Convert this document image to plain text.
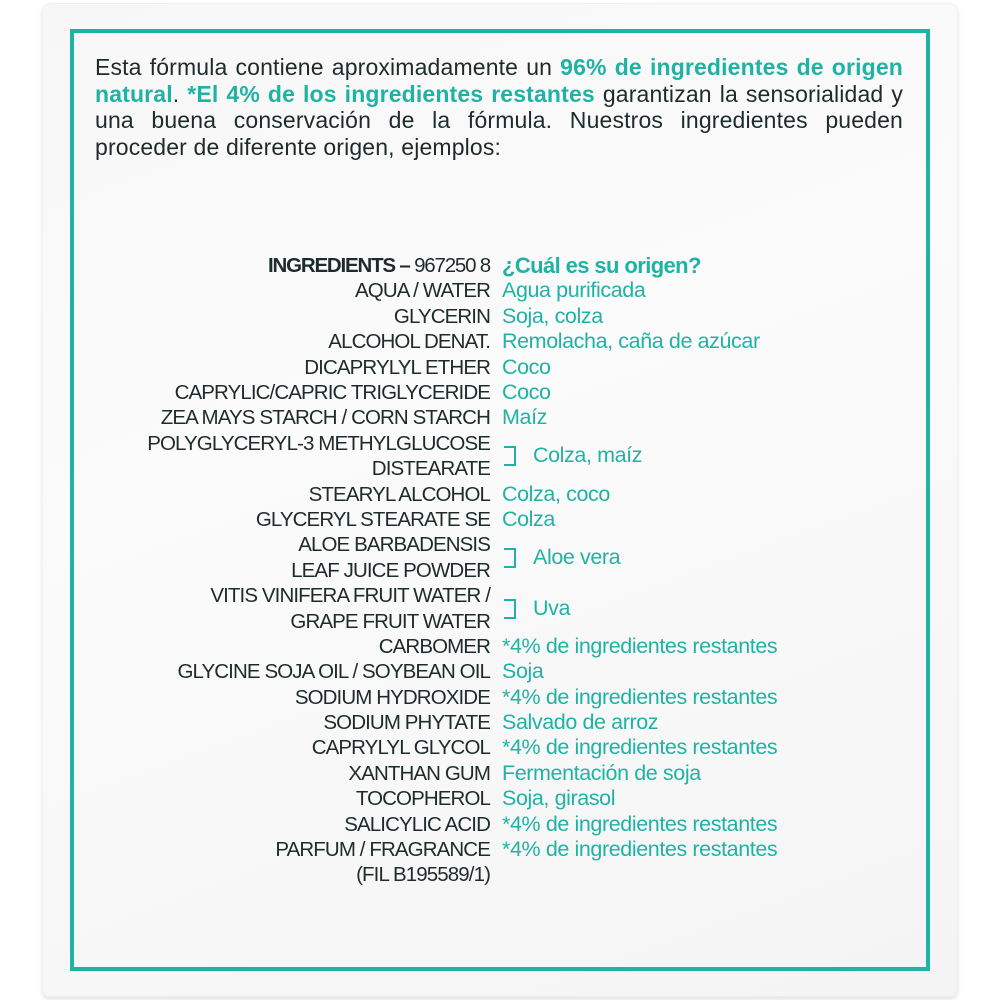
Esta fórmula contiene aproximadamente un 96% de ingredientes de origen natural. *El 4% de los ingredientes restantes garantizan la sensorialidad y una buena conservación de la fórmula. Nuestros ingredientes pueden proceder de diferente origen, ejemplos:

INGREDIENTS – 967250 8 ¿Cuál es su origen?
AQUA / WATER Agua purificada
GLYCERIN Soja, colza
ALCOHOL DENAT. Remolacha, caña de azúcar
DICAPRYLYL ETHER Coco
CAPRYLIC/CAPRIC TRIGLYCERIDE Coco
ZEA MAYS STARCH / CORN STARCH Maíz
POLYGLYCERYL-3 METHYLGLUCOSE
DISTEARATE
Colza, maíz
STEARYL ALCOHOL Colza, coco
GLYCERYL STEARATE SE Colza
ALOE BARBADENSIS
LEAF JUICE POWDER
Aloe vera
VITIS VINIFERA FRUIT WATER /
GRAPE FRUIT WATER
Uva
CARBOMER *4% de ingredientes restantes
GLYCINE SOJA OIL / SOYBEAN OIL Soja
SODIUM HYDROXIDE *4% de ingredientes restantes
SODIUM PHYTATE Salvado de arroz
CAPRYLYL GLYCOL *4% de ingredientes restantes
XANTHAN GUM Fermentación de soja
TOCOPHEROL Soja, girasol
SALICYLIC ACID *4% de ingredientes restantes
PARFUM / FRAGRANCE *4% de ingredientes restantes
(FIL B195589/1)
